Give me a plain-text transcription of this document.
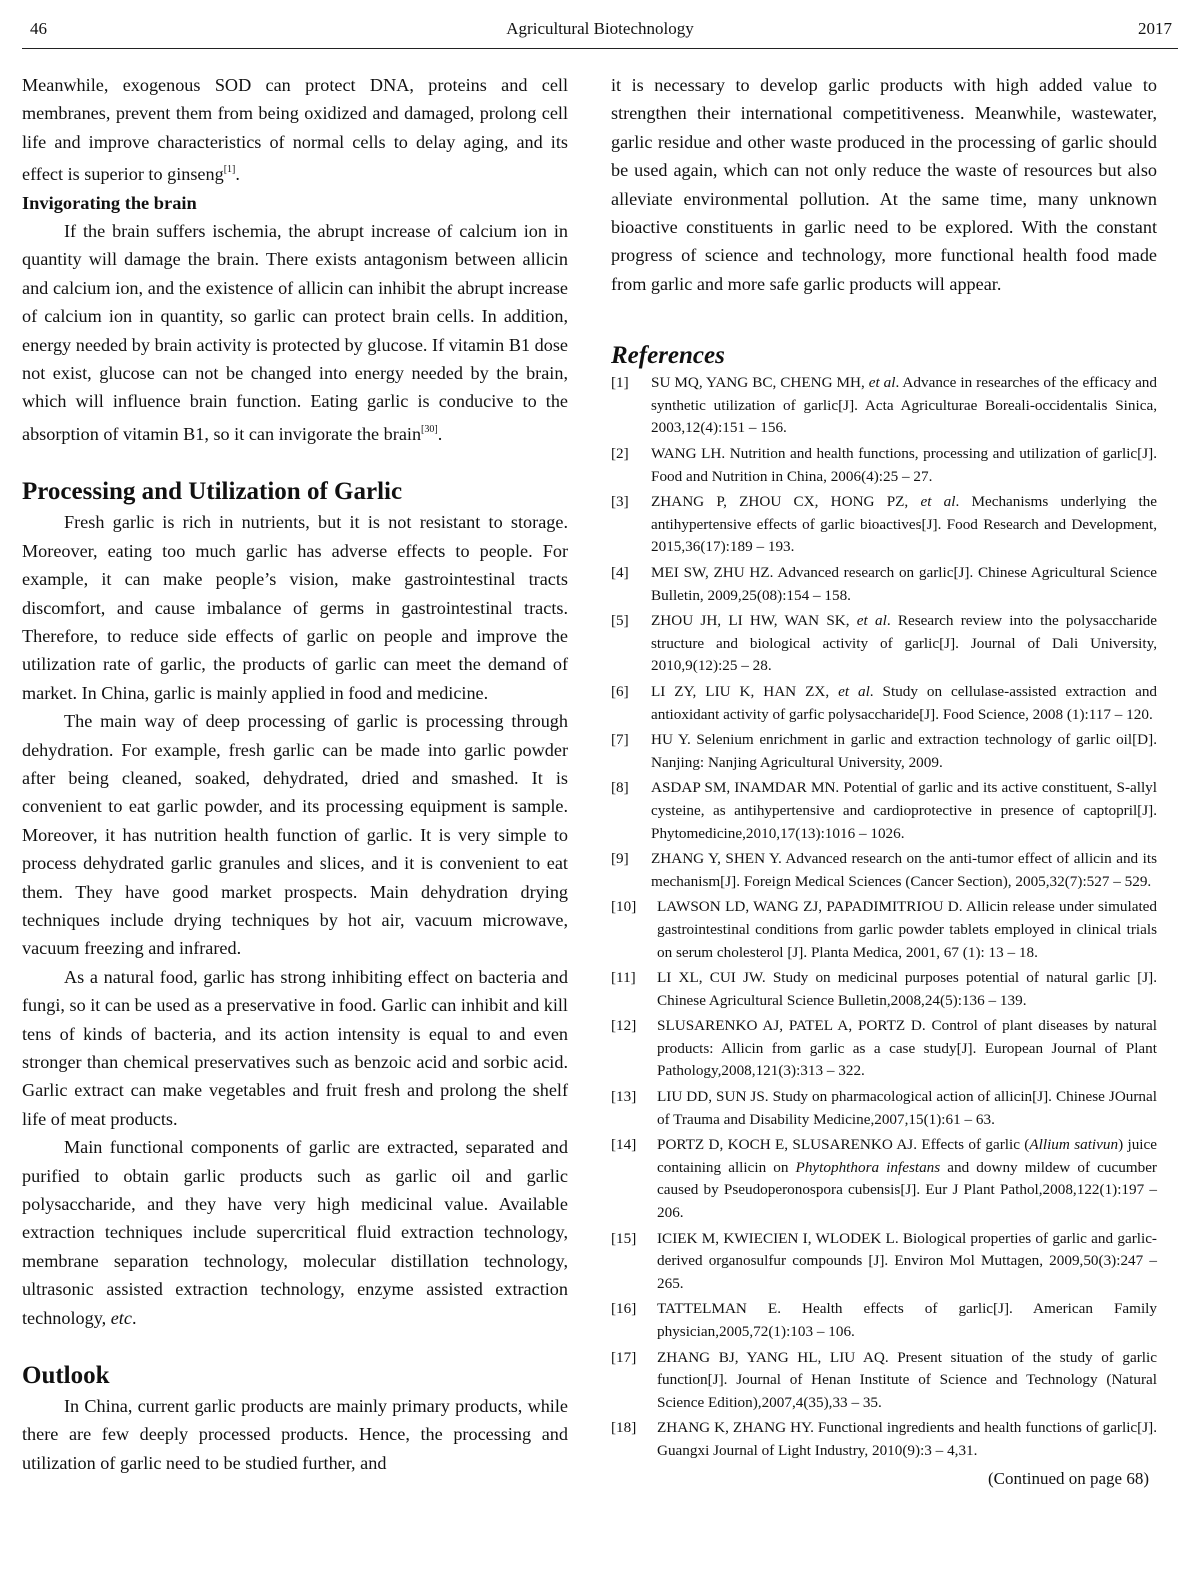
46	Agricultural Biotechnology	2017

Meanwhile, exogenous SOD can protect DNA, proteins and cell membranes, prevent them from being oxidized and damaged, prolong cell life and improve characteristics of normal cells to delay aging, and its effect is superior to ginseng[1].

Invigorating the brain

If the brain suffers ischemia, the abrupt increase of calcium ion in quantity will damage the brain. There exists antagonism between allicin and calcium ion, and the existence of allicin can inhibit the abrupt increase of calcium ion in quantity, so garlic can protect brain cells. In addition, energy needed by brain activity is protected by glucose. If vitamin B1 dose not exist, glucose can not be changed into energy needed by the brain, which will influence brain function. Eating garlic is conducive to the absorption of vitamin B1, so it can invigorate the brain[30].

Processing and Utilization of Garlic

Fresh garlic is rich in nutrients, but it is not resistant to storage. Moreover, eating too much garlic has adverse effects to people. For example, it can make people’s vision, make gastrointestinal tracts discomfort, and cause imbalance of germs in gastrointestinal tracts. Therefore, to reduce side effects of garlic on people and improve the utilization rate of garlic, the products of garlic can meet the demand of market. In China, garlic is mainly applied in food and medicine.

The main way of deep processing of garlic is processing through dehydration. For example, fresh garlic can be made into garlic powder after being cleaned, soaked, dehydrated, dried and smashed. It is convenient to eat garlic powder, and its processing equipment is sample. Moreover, it has nutrition health function of garlic. It is very simple to process dehydrated garlic granules and slices, and it is convenient to eat them. They have good market prospects. Main dehydration drying techniques include drying techniques by hot air, vacuum microwave, vacuum freezing and infrared.

As a natural food, garlic has strong inhibiting effect on bacteria and fungi, so it can be used as a preservative in food. Garlic can inhibit and kill tens of kinds of bacteria, and its action intensity is equal to and even stronger than chemical preservatives such as benzoic acid and sorbic acid. Garlic extract can make vegetables and fruit fresh and prolong the shelf life of meat products.

Main functional components of garlic are extracted, separated and purified to obtain garlic products such as garlic oil and garlic polysaccharide, and they have very high medicinal value. Available extraction techniques include supercritical fluid extraction technology, membrane separation technology, molecular distillation technology, ultrasonic assisted extraction technology, enzyme assisted extraction technology, etc.

Outlook

In China, current garlic products are mainly primary products, while there are few deeply processed products. Hence, the processing and utilization of garlic need to be studied further, and

it is necessary to develop garlic products with high added value to strengthen their international competitiveness. Meanwhile, wastewater, garlic residue and other waste produced in the processing of garlic should be used again, which can not only reduce the waste of resources but also alleviate environmental pollution. At the same time, many unknown bioactive constituents in garlic need to be explored. With the constant progress of science and technology, more functional health food made from garlic and more safe garlic products will appear.

References

[1] SU MQ, YANG BC, CHENG MH, et al. Advance in researches of the efficacy and synthetic utilization of garlic[J]. Acta Agriculturae Boreali-occidentalis Sinica, 2003,12(4):151 – 156.
[2] WANG LH. Nutrition and health functions, processing and utilization of garlic[J]. Food and Nutrition in China, 2006(4):25 – 27.
[3] ZHANG P, ZHOU CX, HONG PZ, et al. Mechanisms underlying the antihypertensive effects of garlic bioactives[J]. Food Research and Development, 2015,36(17):189 – 193.
[4] MEI SW, ZHU HZ. Advanced research on garlic[J]. Chinese Agricultural Science Bulletin, 2009,25(08):154 – 158.
[5] ZHOU JH, LI HW, WAN SK, et al. Research review into the polysaccharide structure and biological activity of garlic[J]. Journal of Dali University, 2010,9(12):25 – 28.
[6] LI ZY, LIU K, HAN ZX, et al. Study on cellulase-assisted extraction and antioxidant activity of garfic polysaccharide[J]. Food Science, 2008 (1):117 – 120.
[7] HU Y. Selenium enrichment in garlic and extraction technology of garlic oil[D]. Nanjing: Nanjing Agricultural University, 2009.
[8] ASDAP SM, INAMDAR MN. Potential of garlic and its active constituent, S-allyl cysteine, as antihypertensive and cardioprotective in presence of captopril[J]. Phytomedicine,2010,17(13):1016 – 1026.
[9] ZHANG Y, SHEN Y. Advanced research on the anti-tumor effect of allicin and its mechanism[J]. Foreign Medical Sciences (Cancer Section), 2005,32(7):527 – 529.
[10] LAWSON LD, WANG ZJ, PAPADIMITRIOU D. Allicin release under simulated gastrointestinal conditions from garlic powder tablets employed in clinical trials on serum cholesterol [J]. Planta Medica, 2001, 67 (1): 13 – 18.
[11] LI XL, CUI JW. Study on medicinal purposes potential of natural garlic [J]. Chinese Agricultural Science Bulletin,2008,24(5):136 – 139.
[12] SLUSARENKO AJ, PATEL A, PORTZ D. Control of plant diseases by natural products: Allicin from garlic as a case study[J]. European Journal of Plant Pathology,2008,121(3):313 – 322.
[13] LIU DD, SUN JS. Study on pharmacological action of allicin[J]. Chinese JOurnal of Trauma and Disability Medicine,2007,15(1):61 – 63.
[14] PORTZ D, KOCH E, SLUSARENKO AJ. Effects of garlic (Allium sativun) juice containing allicin on Phytophthora infestans and downy mildew of cucumber caused by Pseudoperonospora cubensis[J]. Eur J Plant Pathol,2008,122(1):197 – 206.
[15] ICIEK M, KWIECIEN I, WLODEK L. Biological properties of garlic and garlic-derived organosulfur compounds [J]. Environ Mol Muttagen, 2009,50(3):247 – 265.
[16] TATTELMAN E. Health effects of garlic[J]. American Family physician,2005,72(1):103 – 106.
[17] ZHANG BJ, YANG HL, LIU AQ. Present situation of the study of garlic function[J]. Journal of Henan Institute of Science and Technology (Natural Science Edition),2007,4(35),33 – 35.
[18] ZHANG K, ZHANG HY. Functional ingredients and health functions of garlic[J]. Guangxi Journal of Light Industry, 2010(9):3 – 4,31.
(Continued on page 68)
